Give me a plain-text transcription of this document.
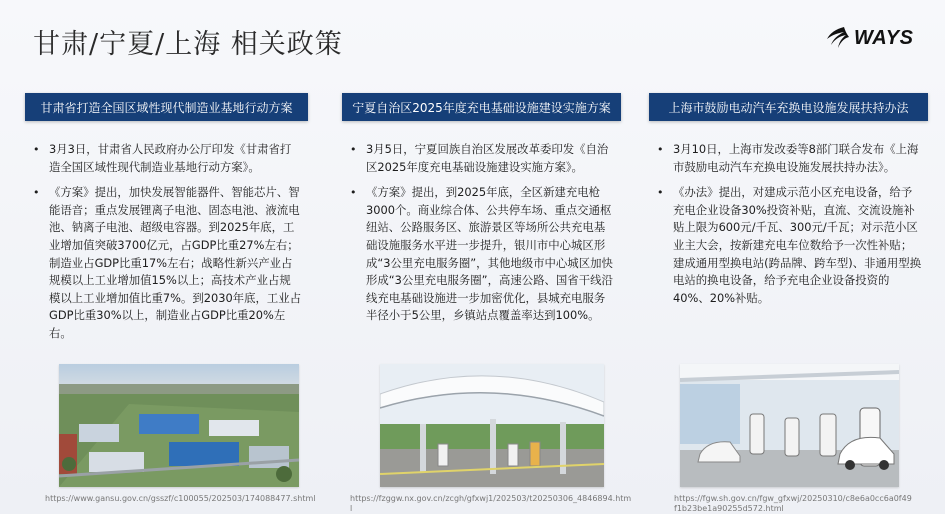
甘肃/宁夏/上海 相关政策	WAYS
甘肃省打造全国区域性现代制造业基地行动方案
• 3月3日，甘肃省人民政府办公厅印发《甘肃省打造全国区域性现代制造业基地行动方案》。
• 《方案》提出，加快发展智能器件、智能芯片、智能语音；重点发展锂离子电池、固态电池、液流电池、钠离子电池、超级电容器。到2025年底，工业增加值突破3700亿元，占GDP比重27%左右；制造业占GDP比重17%左右；战略性新兴产业占规模以上工业增加值15%以上；高技术产业占规模以上工业增加值比重7%。到2030年底，工业占GDP比重30%以上，制造业占GDP比重20%左右。
https://www.gansu.gov.cn/gsszf/c100055/202503/174088477.shtml
宁夏自治区2025年度充电基础设施建设实施方案
• 3月5日，宁夏回族自治区发展改革委印发《自治区2025年度充电基础设施建设实施方案》。
• 《方案》提出，到2025年底，全区新建充电枪3000个。商业综合体、公共停车场、重点交通枢纽站、公路服务区、旅游景区等场所公共充电基础设施服务水平进一步提升，银川市中心城区形成“3公里充电服务圈”，其他地级市中心城区加快形成“3公里充电服务圈”，高速公路、国省干线沿线充电基础设施进一步加密优化，县城充电服务半径小于5公里，乡镇站点覆盖率达到100%。
https://fzggw.nx.gov.cn/zcgh/gfxwj1/202503/t20250306_4846894.html
上海市鼓励电动汽车充换电设施发展扶持办法
• 3月10日，上海市发改委等8部门联合发布《上海市鼓励电动汽车充换电设施发展扶持办法》。
• 《办法》提出，对建成示范小区充电设备，给予充电企业设备30%投资补贴，直流、交流设施补贴上限为600元/千瓦、300元/千瓦；对示范小区业主大会，按新建充电车位数给予一次性补贴；建成通用型换电站(跨品牌、跨车型)、非通用型换电站的换电设备，给予充电企业设备投资的40%、20%补贴。
https://fgw.sh.gov.cn/fgw_gfxwj/20250310/c8e6a0cc6a0f49f1b23be1a90255d572.html
